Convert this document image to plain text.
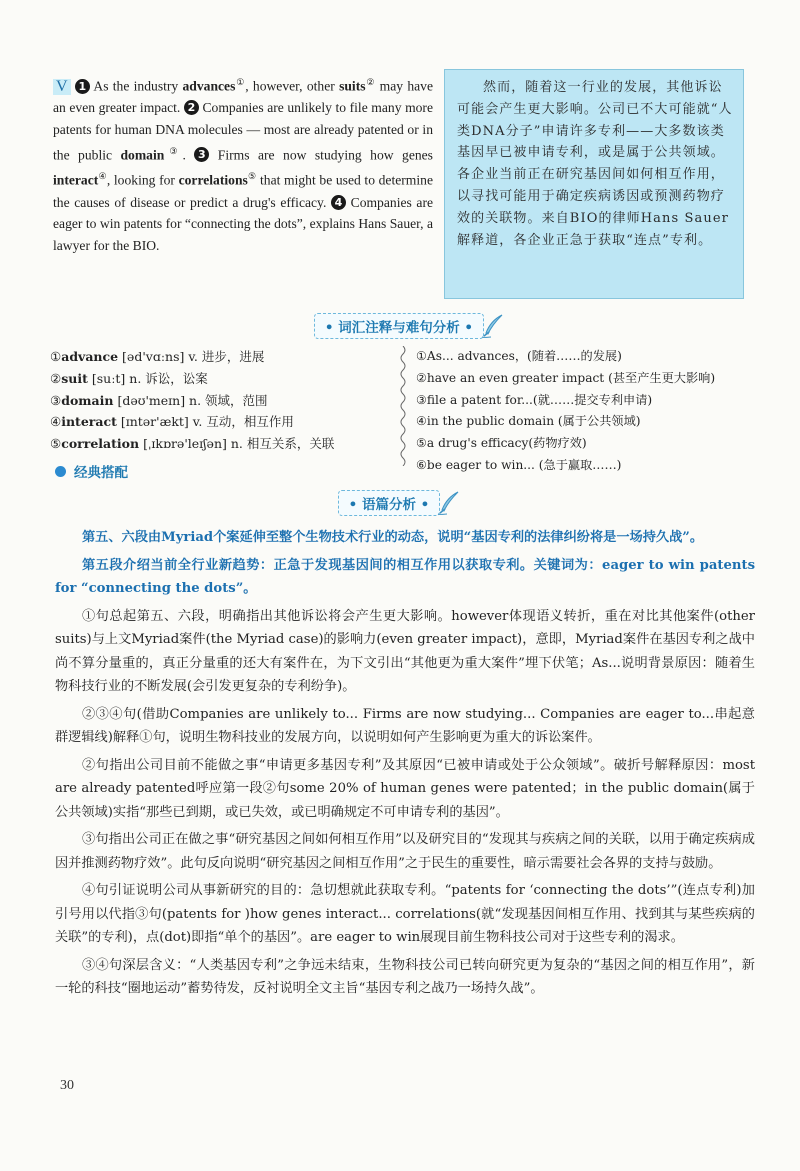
V 1 As the industry advances①, however, other suits② may have an even greater impact. 2 Companies are unlikely to file many more patents for human DNA molecules — most are already patented or in the public domain③. 3 Firms are now studying how genes interact④, looking for correlations⑤ that might be used to determine the causes of disease or predict a drug's efficacy. 4 Companies are eager to win patents for “connecting the dots”, explains Hans Sauer, a lawyer for the BIO.
然而，随着这一行业的发展，其他诉讼可能会产生更大影响。公司已不大可能就“人类DNA分子”申请许多专利——大多数该类基因早已被申请专利，或是属于公共领域。各企业当前正在研究基因间如何相互作用，以寻找可能用于确定疾病诱因或预测药物疗效的关联物。来自BIO的律师Hans Sauer解释道，各企业正急于获取“连点”专利。
• 词汇注释与难句分析 •
①advance [əd'vɑːns] v. 进步，进展
②suit [suːt] n. 诉讼，讼案
③domain [dəʊ'meɪn] n. 领域，范围
④interact [ɪntər'ækt] v. 互动，相互作用
⑤correlation [ˌɪkɒrə'leɪʃən] n. 相互关系，关联
①As... advances，(随着……的发展)
②have an even greater impact (甚至产生更大影响)
③file a patent for...(就……提交专利申请)
④in the public domain (属于公共领域)
⑤a drug's efficacy(药物疗效)
⑥be eager to win... (急于赢取……)
经典搭配
• 语篇分析 •

第五、六段由Myriad个案延伸至整个生物技术行业的动态，说明“基因专利的法律纠纷将是一场持久战”。

第五段介绍当前全行业新趋势：正急于发现基因间的相互作用以获取专利。关键词为：eager to win patents for “connecting the dots”。

①句总起第五、六段，明确指出其他诉讼将会产生更大影响。however体现语义转折，重在对比其他案件(other suits)与上文Myriad案件(the Myriad case)的影响力(even greater impact)，意即，Myriad案件在基因专利之战中尚不算分量重的，真正分量重的还大有案件在，为下文引出“其他更为重大案件”埋下伏笔；As...说明背景原因：随着生物科技行业的不断发展(会引发更复杂的专利纷争)。

②③④句(借助Companies are unlikely to... Firms are now studying... Companies are eager to...串起意群逻辑线)解释①句，说明生物科技业的发展方向，以说明如何产生影响更为重大的诉讼案件。

②句指出公司目前不能做之事“申请更多基因专利”及其原因“已被申请或处于公众领域”。破折号解释原因：most are already patented呼应第一段②句some 20% of human genes were patented；in the public domain(属于公共领域)实指“那些已到期，或已失效，或已明确规定不可申请专利的基因”。

③句指出公司正在做之事“研究基因之间如何相互作用”以及研究目的“发现其与疾病之间的关联，以用于确定疾病成因并推测药物疗效”。此句反向说明“研究基因之间相互作用”之于民生的重要性，暗示需要社会各界的支持与鼓励。

④句引证说明公司从事新研究的目的：急切想就此获取专利。“patents for ‘connecting the dots’”(连点专利)加引号用以代指③句(patents for )how genes interact... correlations(就“发现基因间相互作用、找到其与某些疾病的关联”的专利)，点(dot)即指“单个的基因”。are eager to win展现目前生物科技公司对于这些专利的渴求。

③④句深层含义：“人类基因专利”之争远未结束，生物科技公司已转向研究更为复杂的“基因之间的相互作用”，新一轮的科技“圈地运动”蓄势待发，反衬说明全文主旨“基因专利之战乃一场持久战”。

30
